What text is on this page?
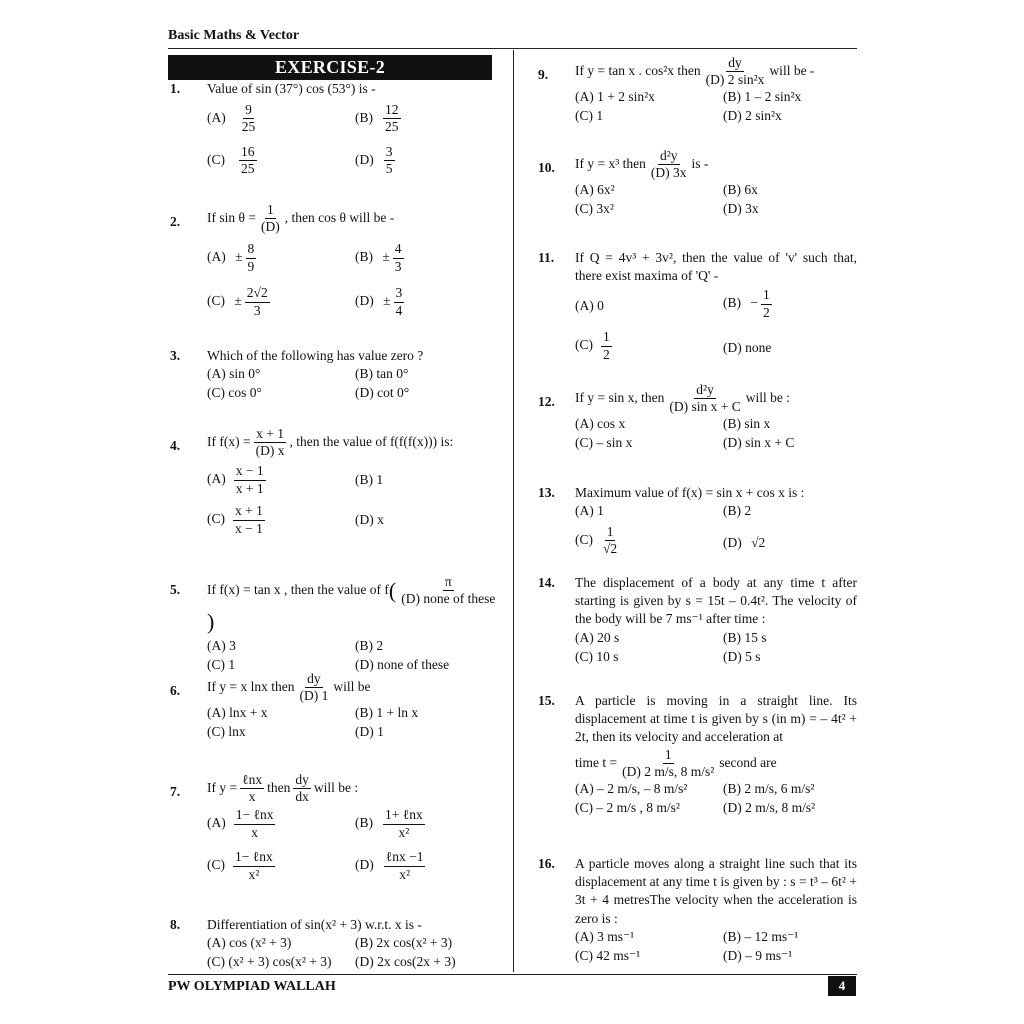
Basic Maths & Vector
EXERCISE-2
PW OLYMPIAD WALLAH	4
1. Value of sin (37°) cos (53°) is -
$(A) \frac{9}{25}$	$(B) \frac{12}{25}$
$(C) \frac{16}{25}$	$(D) \frac{3}{5}$
2. If $\sin \theta = \frac{1}{(D)}$ , then cos θ will be -
$(A) \pm \frac{8}{9}$	$(B) \pm \frac{4}{3}$
$(C) \pm \frac{2√2}{3}$	$(D) \pm \frac{3}{4}$
3. Which of the following has value zero ?
(A) sin 0°	(B) tan 0°
(C) cos 0°	(D) cot 0°
4. If $f(x) = \frac{x + 1}{(D) x}$ , then the value of f(f(f(x))) is:
$(A) \frac{x - 1}{x + 1}$	(B) 1
$(C) \frac{x + 1}{x - 1}$	(D) x
5. If f(x) = tan x , then the value of $f( \frac{\pi}{\text{(D) none of these}}$
)
(A) 3	(B) 2
(C) 1	(D) none of these
6. If y = x lnx then $\frac{dy}{(D) 1}$ will be
(A) lnx + x	(B) 1 + ln x
(C) lnx	(D) 1
7. If $y = \frac{\text{ℓnx}}{x}$ then $\frac{dy}{dx}$ will be :
$(A) \frac{\text{1− ℓnx}}{x}$	$(B) \frac{\text{1+ ℓnx}}{\text{x²}}$
$(C) \frac{\text{1− ℓnx}}{\text{x²}}$	$(D) \frac{\text{ℓnx −1}}{\text{x²}}$
8. Differentiation of sin(x² + 3) w.r.t. x is -
(A) cos (x² + 3)	(B) 2x cos(x² + 3)
(C) (x² + 3) cos(x² + 3) (D) 2x cos(2x + 3)
9. If y = tan x . cos²x then $\frac{dy}{\text{(D) 2 sin²x}}$ will be -
(A) 1 + 2 sin²x	(B) 1 – 2 sin²x
(C) 1	(D) 2 sin²x
10. If y = x³ then $\frac{\text{d²y}}{(D) 3x}$ is -
(A) 6x²	(B) 6x
(C) 3x²	(D) 3x
11. If Q = 4v³ + 3v², then the value of 'v' such that, there exist maxima of 'Q' -
(A) 0	$(B) - \frac{1}{2}$
$(C) \frac{1}{2}$	(D) none
12. If y = sin x, then $\frac{\text{d²y}}{\text{(D) sin x + C}}$ will be :
(A) cos x	(B) sin x
(C) – sin x	(D) sin x + C
13. Maximum value of f(x) = sin x + cos x is :
(A) 1	(B) 2
$(C) \frac{1}{√2}$	(D) √2
14. The displacement of a body at any time t after starting is given by s = 15t – 0.4t². The velocity of the body will be 7 ms⁻¹ after time :
(A) 20 s	(B) 15 s
(C) 10 s	(D) 5 s
15. A particle is moving in a straight line. Its displacement at time t is given by s (in m) = – 4t² + 2t, then its velocity and acceleration at
time $t = \frac{1}{\text{(D) 2 m/s, 8 m/s²}}$ second are
(A) – 2 m/s, – 8 m/s²	(B) 2 m/s, 6 m/s²
(C) – 2 m/s , 8 m/s²	(D) 2 m/s, 8 m/s²
16. A particle moves along a straight line such that its displacement at any time t is given by : s = t³ – 6t² + 3t + 4 metresThe velocity when the acceleration is zero is :
(A) 3 ms⁻¹	(B) – 12 ms⁻¹
(C) 42 ms⁻¹	(D) – 9 ms⁻¹
